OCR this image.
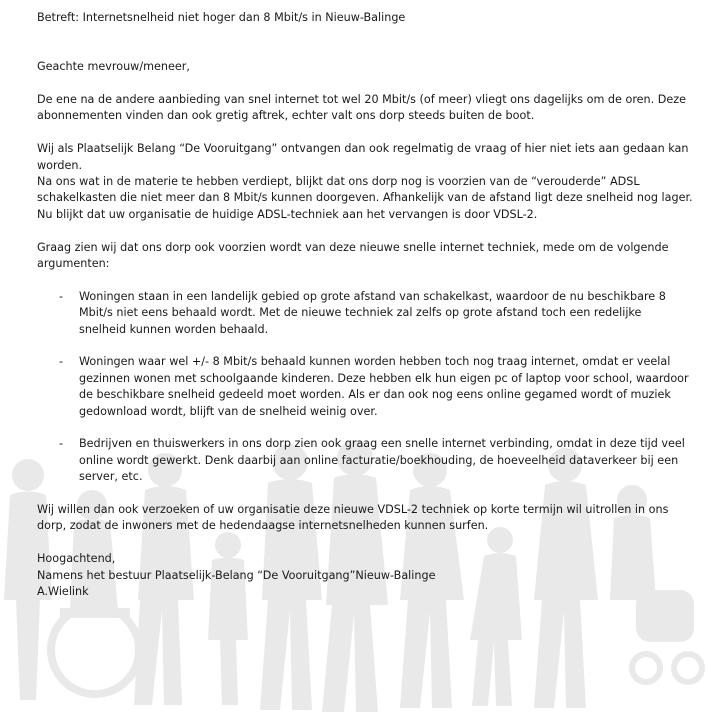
Betreft: Internetsnelheid niet hoger dan 8 Mbit/s in Nieuw-Balinge
Geachte mevrouw/meneer,
De ene na de andere aanbieding van snel internet tot wel 20 Mbit/s (of meer) vliegt ons dagelijks om de oren. Deze
abonnementen vinden dan ook gretig aftrek, echter valt ons dorp steeds buiten de boot.
Wij als Plaatselijk Belang “De Vooruitgang” ontvangen dan ook regelmatig de vraag of hier niet iets aan gedaan kan
worden.
Na ons wat in de materie te hebben verdiept, blijkt dat ons dorp nog is voorzien van de “verouderde” ADSL
schakelkasten die niet meer dan 8 Mbit/s kunnen doorgeven. Afhankelijk van de afstand ligt deze snelheid nog lager.
Nu blijkt dat uw organisatie de huidige ADSL-techniek aan het vervangen is door VDSL-2.
Graag zien wij dat ons dorp ook voorzien wordt van deze nieuwe snelle internet techniek, mede om de volgende
argumenten:
-	Woningen staan in een landelijk gebied op grote afstand van schakelkast, waardoor de nu beschikbare 8
Mbit/s niet eens behaald wordt. Met de nieuwe techniek zal zelfs op grote afstand toch een redelijke
snelheid kunnen worden behaald.
-	Woningen waar wel +/- 8 Mbit/s behaald kunnen worden hebben toch nog traag internet, omdat er veelal
gezinnen wonen met schoolgaande kinderen. Deze hebben elk hun eigen pc of laptop voor school, waardoor
de beschikbare snelheid gedeeld moet worden. Als er dan ook nog eens online gegamed wordt of muziek
gedownload wordt, blijft van de snelheid weinig over.
-	Bedrijven en thuiswerkers in ons dorp zien ook graag een snelle internet verbinding, omdat in deze tijd veel
online wordt gewerkt. Denk daarbij aan online facturatie/boekhouding, de hoeveelheid dataverkeer bij een
server, etc.
Wij willen dan ook verzoeken of uw organisatie deze nieuwe VDSL-2 techniek op korte termijn wil uitrollen in ons
dorp, zodat de inwoners met de hedendaagse internetsnelheden kunnen surfen.
Hoogachtend,
Namens het bestuur Plaatselijk-Belang “De Vooruitgang”Nieuw-Balinge
A.Wielink
